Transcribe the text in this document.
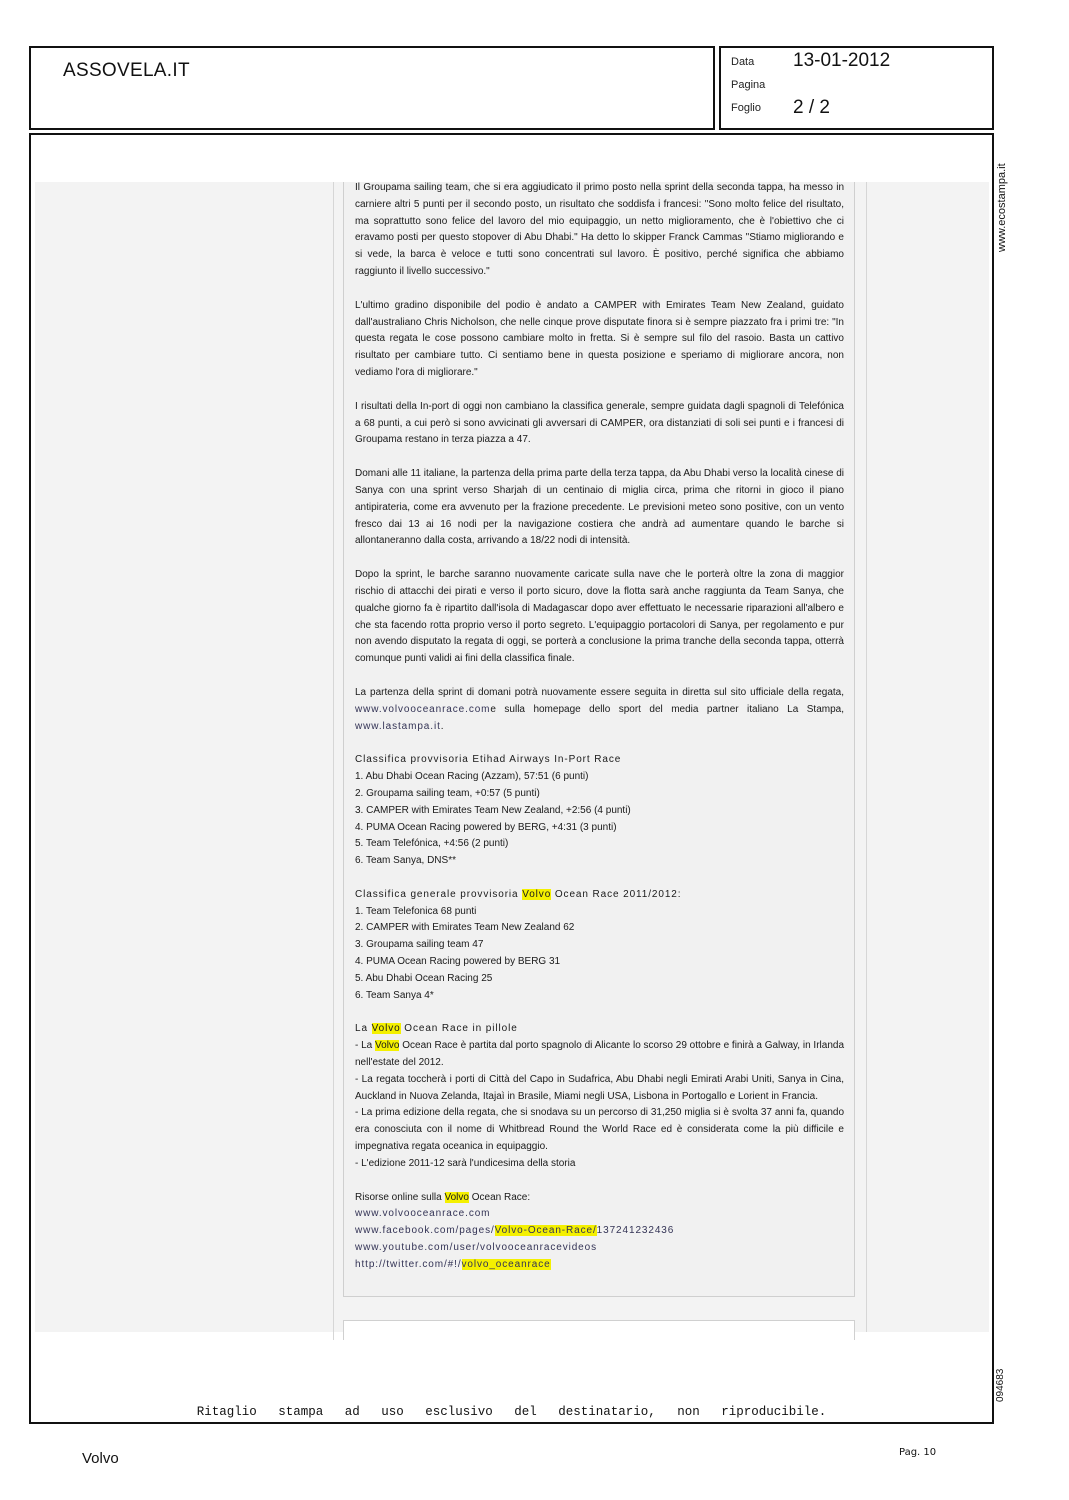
ASSOVELA.IT	Data 13-01-2012
Pagina
Foglio 2 / 2
www.ecostampa.it
094683

Il Groupama sailing team, che si era aggiudicato il primo posto nella sprint della seconda tappa, ha messo in carniere altri 5 punti per il secondo posto, un risultato che soddisfa i francesi: "Sono molto felice del risultato, ma soprattutto sono felice del lavoro del mio equipaggio, un netto miglioramento, che è l'obiettivo che ci eravamo posti per questo stopover di Abu Dhabi." Ha detto lo skipper Franck Cammas "Stiamo migliorando e si vede, la barca è veloce e tutti sono concentrati sul lavoro. È positivo, perché significa che abbiamo raggiunto il livello successivo."

L'ultimo gradino disponibile del podio è andato a CAMPER with Emirates Team New Zealand, guidato dall'australiano Chris Nicholson, che nelle cinque prove disputate finora si è sempre piazzato fra i primi tre: "In questa regata le cose possono cambiare molto in fretta. Si è sempre sul filo del rasoio. Basta un cattivo risultato per cambiare tutto. Ci sentiamo bene in questa posizione e speriamo di migliorare ancora, non vediamo l'ora di migliorare."

I risultati della In-port di oggi non cambiano la classifica generale, sempre guidata dagli spagnoli di Telefónica a 68 punti, a cui però si sono avvicinati gli avversari di CAMPER, ora distanziati di soli sei punti e i francesi di Groupama restano in terza piazza a 47.

Domani alle 11 italiane, la partenza della prima parte della terza tappa, da Abu Dhabi verso la località cinese di Sanya con una sprint verso Sharjah di un centinaio di miglia circa, prima che ritorni in gioco il piano antipirateria, come era avvenuto per la frazione precedente. Le previsioni meteo sono positive, con un vento fresco dai 13 ai 16 nodi per la navigazione costiera che andrà ad aumentare quando le barche si allontaneranno dalla costa, arrivando a 18/22 nodi di intensità.

Dopo la sprint, le barche saranno nuovamente caricate sulla nave che le porterà oltre la zona di maggior rischio di attacchi dei pirati e verso il porto sicuro, dove la flotta sarà anche raggiunta da Team Sanya, che qualche giorno fa è ripartito dall'isola di Madagascar dopo aver effettuato le necessarie riparazioni all'albero e che sta facendo rotta proprio verso il porto segreto. L'equipaggio portacolori di Sanya, per regolamento e pur non avendo disputato la regata di oggi, se porterà a conclusione la prima tranche della seconda tappa, otterrà comunque punti validi ai fini della classifica finale.

La partenza della sprint di domani potrà nuovamente essere seguita in diretta sul sito ufficiale della regata, www.volvooceanrace.come sulla homepage dello sport del media partner italiano La Stampa, www.lastampa.it.

Classifica provvisoria Etihad Airways In-Port Race
1. Abu Dhabi Ocean Racing (Azzam), 57:51 (6 punti)
2. Groupama sailing team, +0:57 (5 punti)
3. CAMPER with Emirates Team New Zealand, +2:56 (4 punti)
4. PUMA Ocean Racing powered by BERG, +4:31 (3 punti)
5. Team Telefónica, +4:56 (2 punti)
6. Team Sanya, DNS**
Classifica generale provvisoria Volvo Ocean Race 2011/2012:
1. Team Telefonica 68 punti
2. CAMPER with Emirates Team New Zealand 62
3. Groupama sailing team 47
4. PUMA Ocean Racing powered by BERG 31
5. Abu Dhabi Ocean Racing 25
6. Team Sanya 4*
La Volvo Ocean Race in pillole
- La Volvo Ocean Race è partita dal porto spagnolo di Alicante lo scorso 29 ottobre e finirà a Galway, in Irlanda nell'estate del 2012.
- La regata toccherà i porti di Città del Capo in Sudafrica, Abu Dhabi negli Emirati Arabi Uniti, Sanya in Cina, Auckland in Nuova Zelanda, Itajaì in Brasile, Miami negli USA, Lisbona in Portogallo e Lorient in Francia.
- La prima edizione della regata, che si snodava su un percorso di 31,250 miglia si è svolta 37 anni fa, quando era conosciuta con il nome di Whitbread Round the World Race ed è considerata come la più difficile e impegnativa regata oceanica in equipaggio.
- L'edizione 2011-12 sarà l'undicesima della storia
Risorse online sulla Volvo Ocean Race:
www.volvooceanrace.com
www.facebook.com/pages/Volvo-Ocean-Race/137241232436
www.youtube.com/user/volvooceanracevideos
http://twitter.com/#!/volvo_oceanrace
Ritaglio stampa ad uso esclusivo del destinatario, non riproducibile.
Volvo	Pag. 10
